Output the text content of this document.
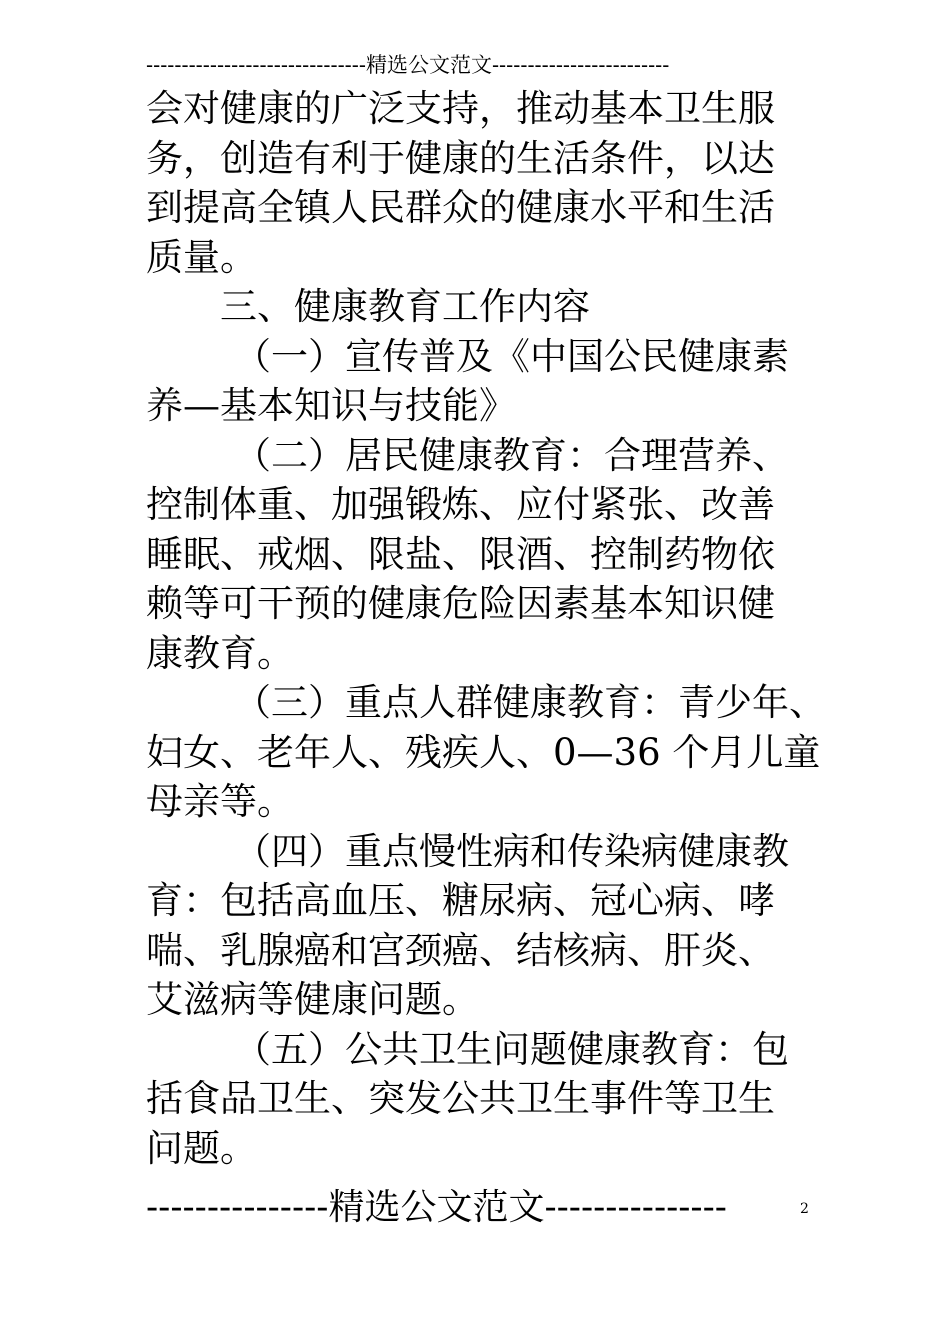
-------------------------------精选公文范文-------------------------

会对健康的广泛支持，推动基本卫生服

务，创造有利于健康的生活条件，以达

到提高全镇人民群众的健康水平和生活

质量。

三、健康教育工作内容

（一）宣传普及《中国公民健康素

养—基本知识与技能》

（二）居民健康教育：合理营养、

控制体重、加强锻炼、应付紧张、改善

睡眠、戒烟、限盐、限酒、控制药物依

赖等可干预的健康危险因素基本知识健

康教育。

（三）重点人群健康教育：青少年、

妇女、老年人、残疾人、0—36 个月儿童

母亲等。

（四）重点慢性病和传染病健康教

育：包括高血压、糖尿病、冠心病、哮

喘、乳腺癌和宫颈癌、结核病、肝炎、

艾滋病等健康问题。

（五）公共卫生问题健康教育：包

括食品卫生、突发公共卫生事件等卫生

问题。

---------------精选公文范文---------------	2
